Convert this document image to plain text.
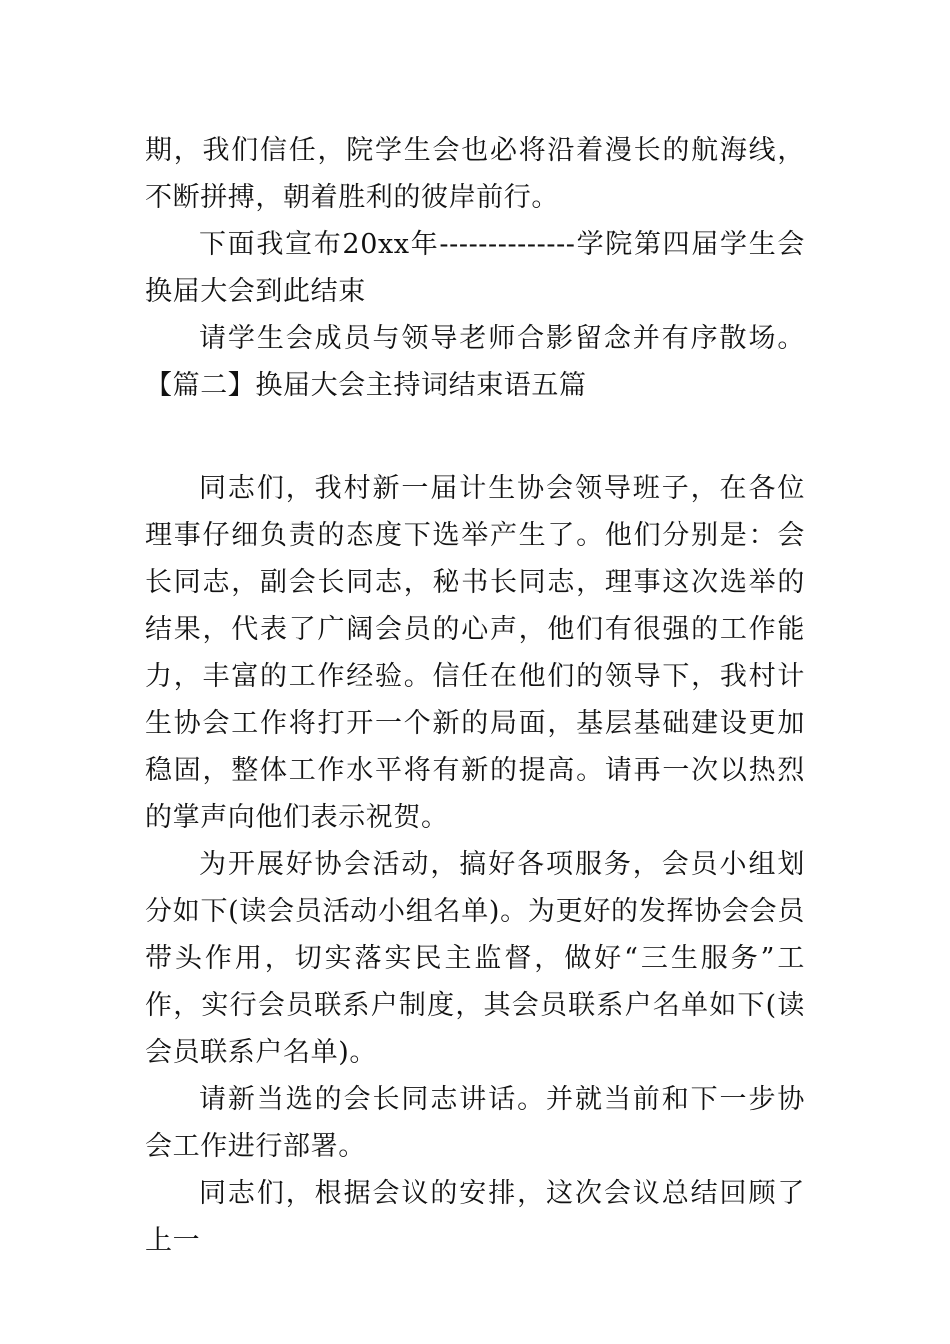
期，我们信任，院学生会也必将沿着漫长的航海线，不断拼搏，朝着胜利的彼岸前行。

下面我宣布20xx年--------------学院第四届学生会换届大会到此结束

请学生会成员与领导老师合影留念并有序散场。【篇二】换届大会主持词结束语五篇

同志们，我村新一届计生协会领导班子，在各位理事仔细负责的态度下选举产生了。他们分别是：会长同志，副会长同志，秘书长同志，理事这次选举的结果，代表了广阔会员的心声，他们有很强的工作能力，丰富的工作经验。信任在他们的领导下，我村计生协会工作将打开一个新的局面，基层基础建设更加稳固，整体工作水平将有新的提高。请再一次以热烈的掌声向他们表示祝贺。

为开展好协会活动，搞好各项服务，会员小组划分如下(读会员活动小组名单)。为更好的发挥协会会员带头作用，切实落实民主监督，做好“三生服务”工作，实行会员联系户制度，其会员联系户名单如下(读会员联系户名单)。

请新当选的会长同志讲话。并就当前和下一步协会工作进行部署。

同志们，根据会议的安排，这次会议总结回顾了上一
